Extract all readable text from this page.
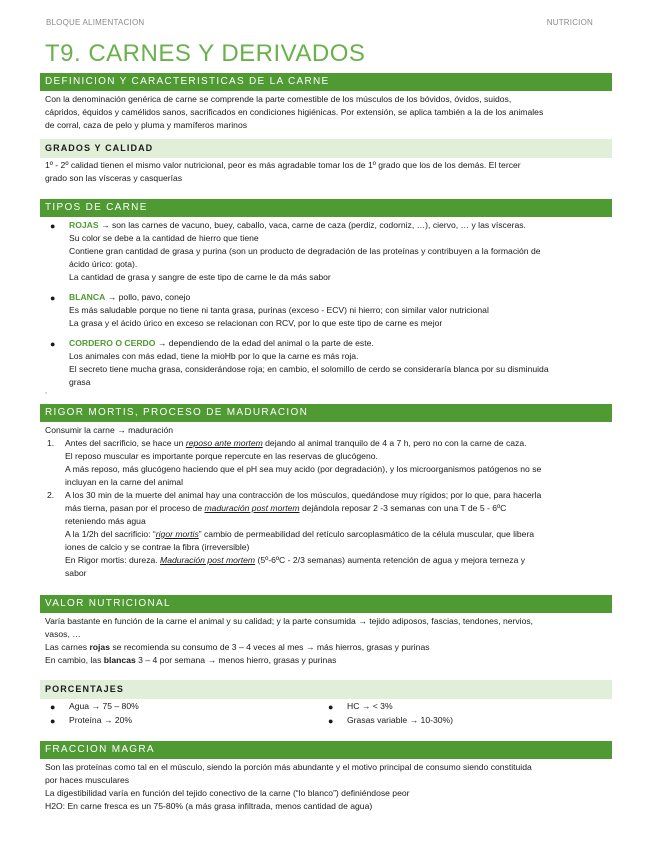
BLOQUE ALIMENTACION	NUTRICION
T9. CARNES Y DERIVADOS
DEFINICION Y CARACTERISTICAS DE LA CARNE
Con la denominación genérica de carne se comprende la parte comestible de los músculos de los bóvidos, óvidos, suidos,
cápridos, équidos y camélidos sanos, sacrificados en condiciones higiénicas. Por extensión, se aplica también a la de los animales
de corral, caza de pelo y pluma y mamíferos marinos
GRADOS Y CALIDAD
1º - 2º calidad tienen el mismo valor nutricional, peor es más agradable tomar los de 1º grado que los de los demás. El tercer
grado son las vísceras y casquerías
TIPOS DE CARNE
● ROJAS → son las carnes de vacuno, buey, caballo, vaca, carne de caza (perdiz, codorniz, …), ciervo, … y las vísceras.
Su color se debe a la cantidad de hierro que tiene
Contiene gran cantidad de grasa y purina (son un producto de degradación de las proteínas y contribuyen a la formación de
ácido úrico: gota).
La cantidad de grasa y sangre de este tipo de carne le da más sabor
● BLANCA → pollo, pavo, conejo
Es más saludable porque no tiene ni tanta grasa, purinas (exceso - ECV) ni hierro; con similar valor nutricional
La grasa y el ácido úrico en exceso se relacionan con RCV, por lo que este tipo de carne es mejor
● CORDERO O CERDO → dependiendo de la edad del animal o la parte de este.
Los animales con más edad, tiene la mioHb por lo que la carne es más roja.
El secreto tiene mucha grasa, considerándose roja; en cambio, el solomillo de cerdo se consideraría blanca por su disminuida
grasa
,
RIGOR MORTIS, PROCESO DE MADURACION
Consumir la carne → maduración
1. Antes del sacrificio, se hace un reposo ante mortem dejando al animal tranquilo de 4 a 7 h, pero no con la carne de caza.
El reposo muscular es importante porque repercute en las reservas de glucógeno.
A más reposo, más glucógeno haciendo que el pH sea muy acido (por degradación), y los microorganismos patógenos no se
incluyan en la carne del animal
2. A los 30 min de la muerte del animal hay una contracción de los músculos, quedándose muy rígidos; por lo que, para hacerla
más tierna, pasan por el proceso de maduración post mortem dejándola reposar 2 -3 semanas con una T de 5 - 6ºC
reteniendo más agua
A la 1/2h del sacrificio: “rigor mortis” cambio de permeabilidad del retículo sarcoplasmático de la célula muscular, que libera
iones de calcio y se contrae la fibra (irreversible)
En Rigor mortis: dureza. Maduración post mortem (5º-6ºC - 2/3 semanas) aumenta retención de agua y mejora terneza y
sabor
VALOR NUTRICIONAL
Varía bastante en función de la carne el animal y su calidad; y la parte consumida → tejido adiposos, fascias, tendones, nervios,
vasos, …
Las carnes rojas se recomienda su consumo de 3 – 4 veces al mes → más hierros, grasas y purinas
En cambio, las blancas 3 – 4 por semana → menos hierro, grasas y purinas
PORCENTAJES
● Agua → 75 – 80%
● Proteína → 20%
● HC → < 3%
● Grasas variable → 10-30%)
FRACCION MAGRA
Son las proteínas como tal en el músculo, siendo la porción más abundante y el motivo principal de consumo siendo constituida
por haces musculares
La digestibilidad varía en función del tejido conectivo de la carne (“lo blanco”) definiéndose peor
H2O: En carne fresca es un 75-80% (a más grasa infiltrada, menos cantidad de agua)
